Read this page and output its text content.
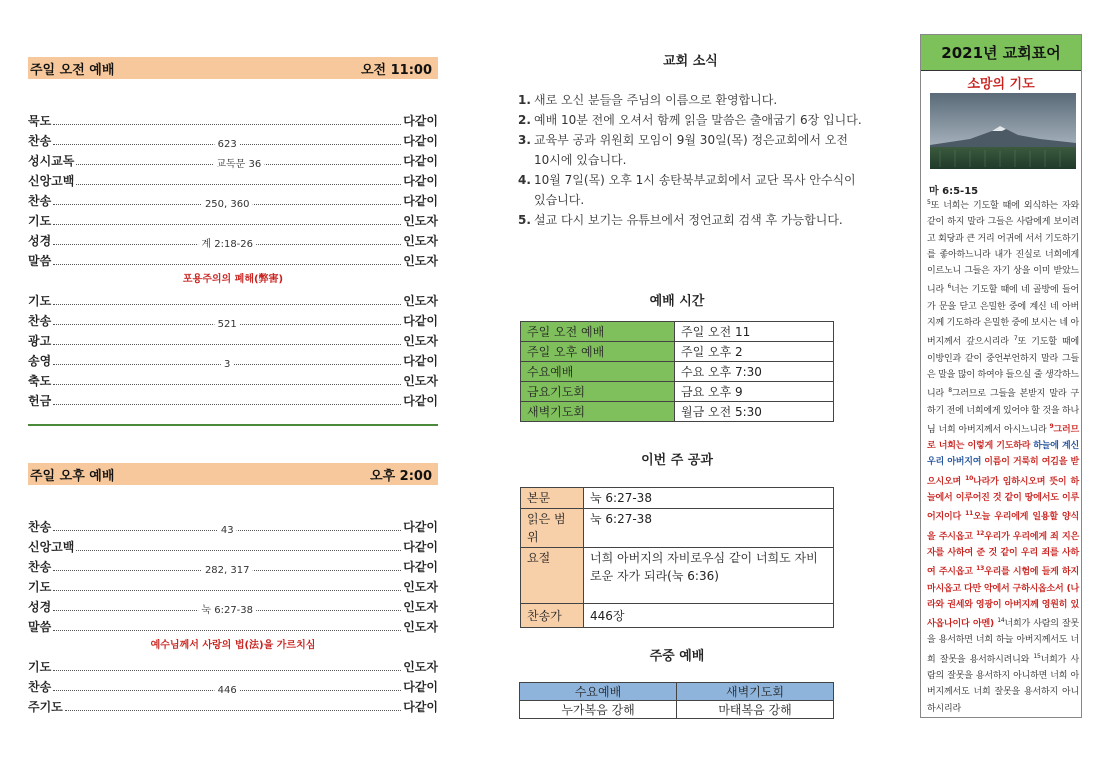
주일 오전 예배	오전 11:00
묵도	다같이
찬송	623	다같이
성시교독	교독문 36	다같이
신앙고백	다같이
찬송	250, 360	다같이
기도	인도자
성경	계 2:18-26	인도자
말씀	인도자
포용주의의 폐해(弊害)
기도	인도자
찬송	521	다같이
광고	인도자
송영	3	다같이
축도	인도자
헌금	다같이
주일 오후 예배	오후 2:00
찬송	43	다같이
신앙고백	다같이
찬송	282, 317	다같이
기도	인도자
성경	눅 6:27-38	인도자
말씀	인도자
예수님께서 사랑의 법(法)을 가르치심
기도	인도자
찬송	446	다같이
주기도	다같이
교회 소식
1. 새로 오신 분들을 주님의 이름으로 환영합니다.
2. 예배 10분 전에 오셔서 함께 읽을 말씀은 출애굽기 6장 입니다.
3. 교육부 공과 위원회 모임이 9월 30일(목) 정은교회에서 오전 10시에 있습니다.
4. 10월 7일(목) 오후 1시 송탄북부교회에서 교단 목사 안수식이 있습니다.
5. 설교 다시 보기는 유튜브에서 정언교회 검색 후 가능합니다.
예배 시간
주일 오전 예배	주일 오전 11
주일 오후 예배	주일 오후 2
수요예배	수요 오후 7:30
금요기도회	금요 오후 9
새벽기도회	월금 오전 5:30
이번 주 공과
본문	눅 6:27-38
읽은 범위	눅 6:27-38
요절	너희 아버지의 자비로우심 같이 너희도 자비로운 자가 되라(눅 6:36)
찬송가	446장
주중 예배
수요예배	새벽기도회
누가복음 강해	마태복음 강해
2021년 교회표어
소망의 기도
마 6:5-15
$^5$또 너희는 기도할 때에 외식하는 자와 같이 하지 말라 그들은 사람에게 보이려고 회당과 큰 거리 어귀에 서서 기도하기를 좋아하느니라 내가 진실로 너희에게 이르노니 그들은 자기 상을 이미 받았느니라 $^6$너는 기도할 때에 네 골방에 들어가 문을 닫고 은밀한 중에 계신 네 아버지께 기도하라 은밀한 중에 보시는 네 아버지께서 갚으시리라 $^7$또 기도할 때에 이방인과 같이 중언부언하지 말라 그들은 말을 많이 하여야 들으실 줄 생각하느니라 $^8$그러므로 그들을 본받지 말라 구하기 전에 너희에게 있어야 할 것을 하나님 너희 아버지께서 아시느니라 $^9$그러므로 너희는 이렇게 기도하라 하늘에 계신 우리 아버지여 이름이 거룩히 여김을 받으시오며 $^{10}$나라가 임하시오며 뜻이 하늘에서 이루어진 것 같이 땅에서도 이루어지이다 $^{11}$오늘 우리에게 일용할 양식을 주시옵고 $^{12}$우리가 우리에게 죄 지은 자를 사하여 준 것 같이 우리 죄를 사하여 주시옵고 $^{13}$우리를 시험에 들게 하지 마시옵고 다만 악에서 구하시옵소서 (나라와 권세와 영광이 아버지께 영원히 있사옵나이다 아멘) $^{14}$너희가 사람의 잘못을 용서하면 너희 하늘 아버지께서도 너희 잘못을 용서하시려니와 $^{15}$너희가 사람의 잘못을 용서하지 아니하면 너희 아버지께서도 너희 잘못을 용서하지 아니하시리라
